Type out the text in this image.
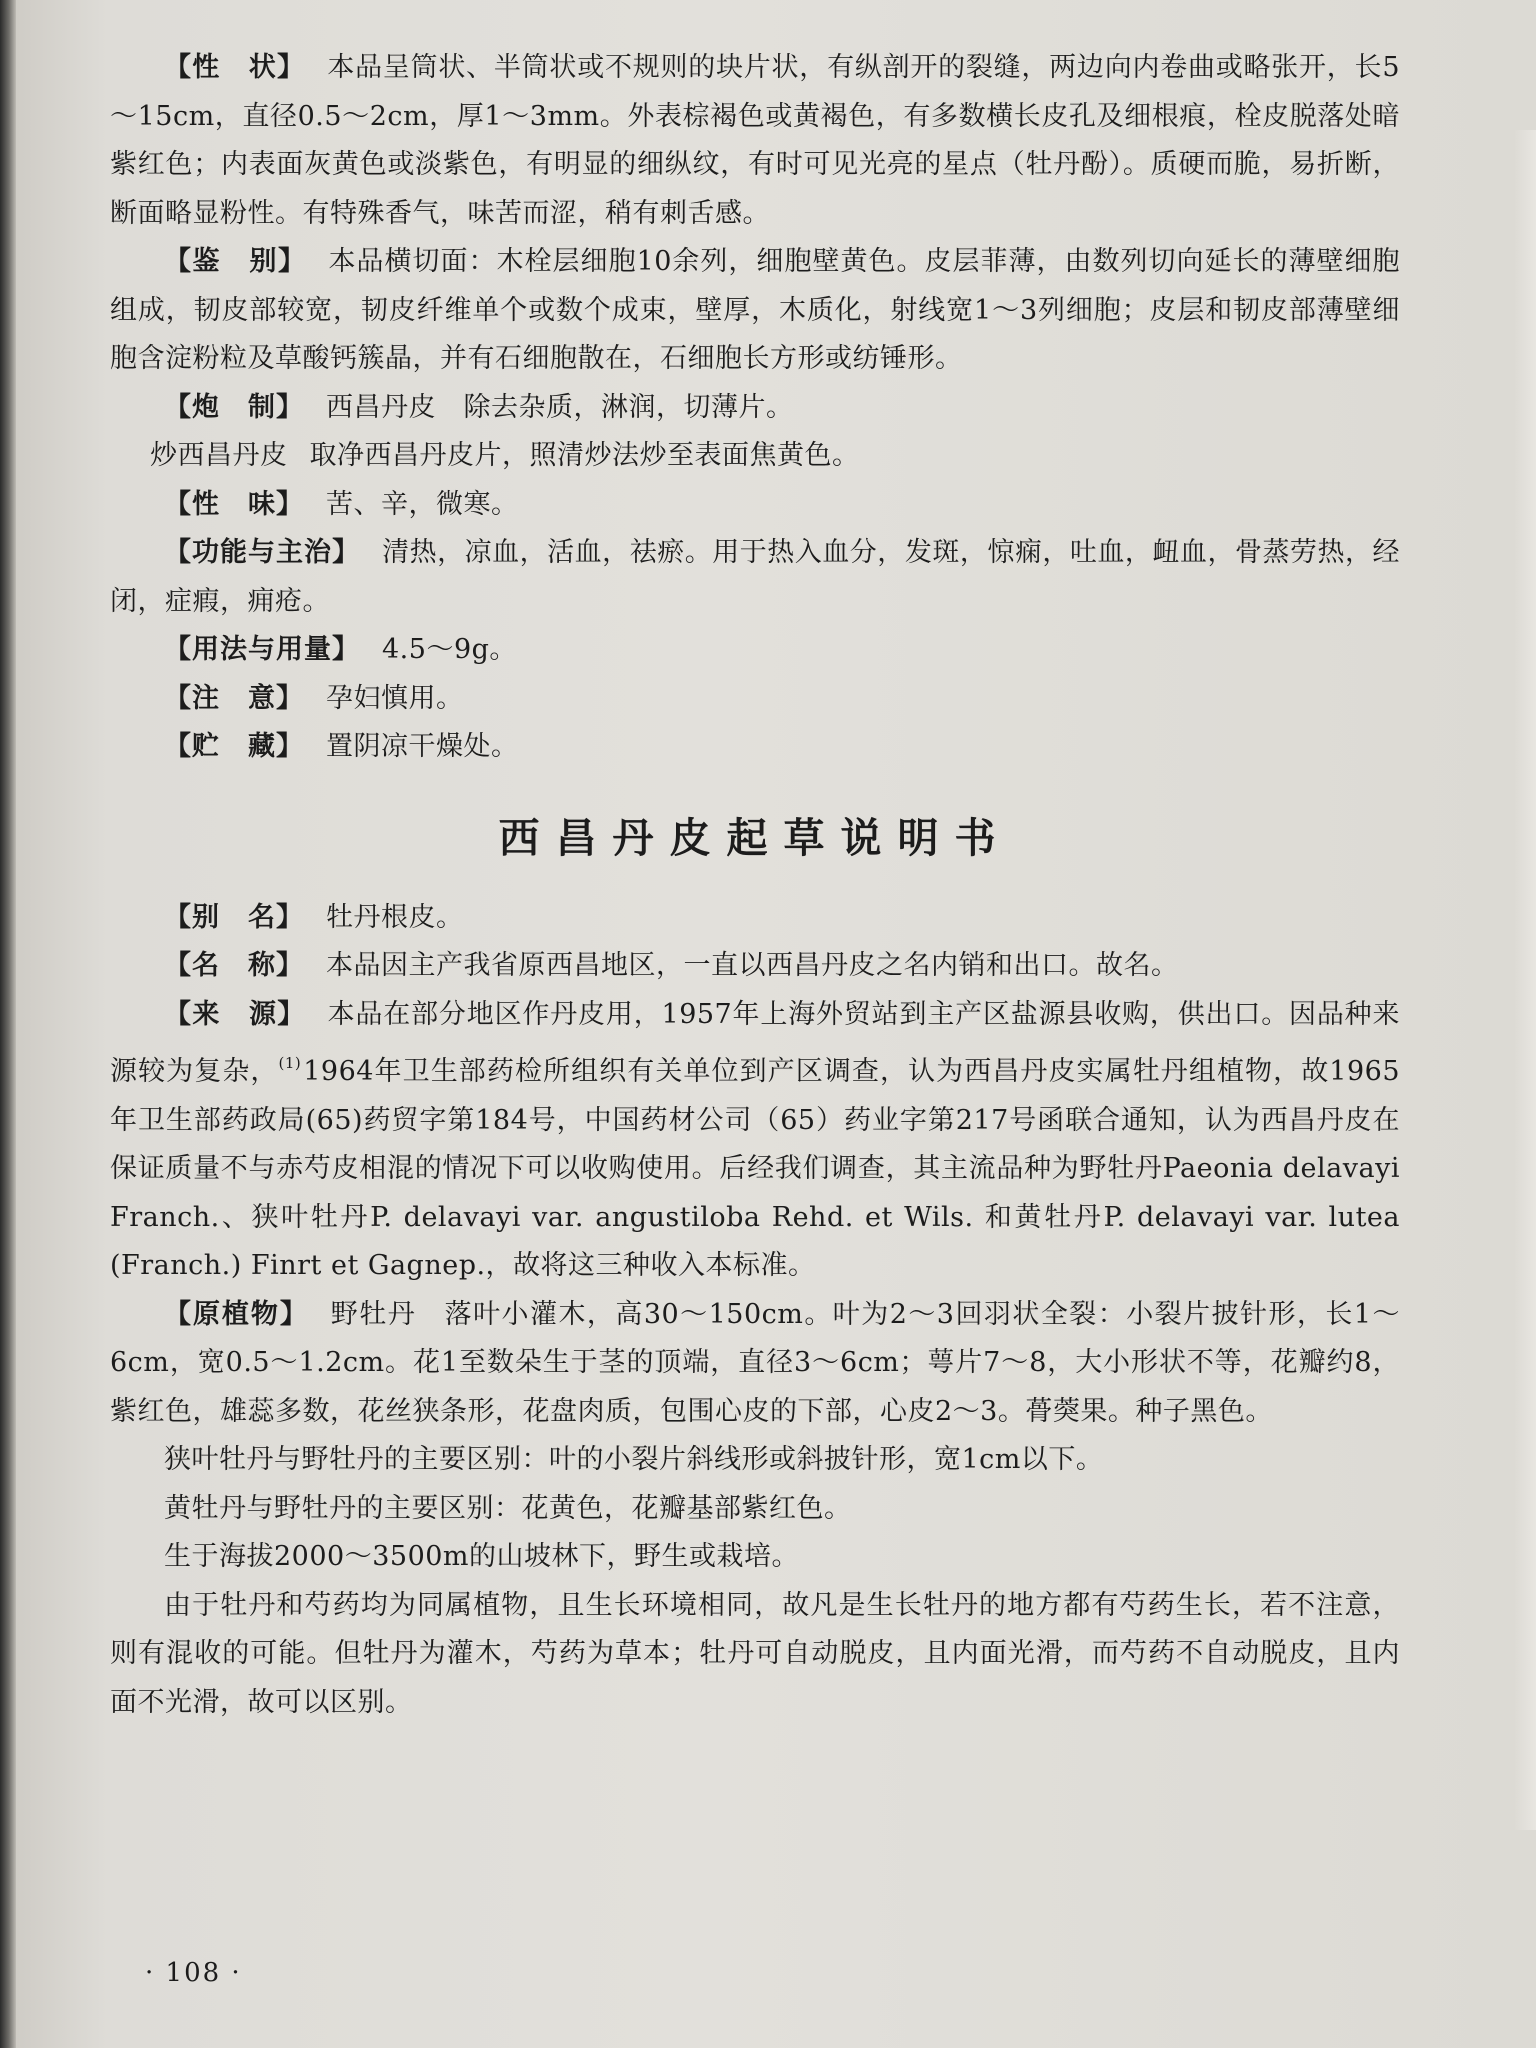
【性　状】 本品呈筒状、半筒状或不规则的块片状，有纵剖开的裂缝，两边向内卷曲或略张开，长5～15cm，直径0.5～2cm，厚1～3mm。外表棕褐色或黄褐色，有多数横长皮孔及细根痕，栓皮脱落处暗紫红色；内表面灰黄色或淡紫色，有明显的细纵纹，有时可见光亮的星点（牡丹酚）。质硬而脆，易折断，断面略显粉性。有特殊香气，味苦而涩，稍有刺舌感。

【鉴　别】 本品横切面：木栓层细胞10余列，细胞壁黄色。皮层菲薄，由数列切向延长的薄壁细胞组成，韧皮部较宽，韧皮纤维单个或数个成束，壁厚，木质化，射线宽1～3列细胞；皮层和韧皮部薄壁细胞含淀粉粒及草酸钙簇晶，并有石细胞散在，石细胞长方形或纺锤形。

【炮　制】 西昌丹皮　除去杂质，淋润，切薄片。

炒西昌丹皮 取净西昌丹皮片，照清炒法炒至表面焦黄色。

【性　味】 苦、辛，微寒。

【功能与主治】 清热，凉血，活血，祛瘀。用于热入血分，发斑，惊痫，吐血，衄血，骨蒸劳热，经闭，症瘕，痈疮。

【用法与用量】 4.5～9g。

【注　意】 孕妇慎用。

【贮　藏】 置阴凉干燥处。

西昌丹皮起草说明书

【别　名】 牡丹根皮。

【名　称】 本品因主产我省原西昌地区，一直以西昌丹皮之名内销和出口。故名。

【来　源】 本品在部分地区作丹皮用，1957年上海外贸站到主产区盐源县收购，供出口。因品种来源较为复杂，$^{(1)}$1964年卫生部药检所组织有关单位到产区调查，认为西昌丹皮实属牡丹组植物，故1965年卫生部药政局(65)药贸字第184号，中国药材公司（65）药业字第217号函联合通知，认为西昌丹皮在保证质量不与赤芍皮相混的情况下可以收购使用。后经我们调查，其主流品种为野牡丹Paeonia delavayi Franch.、狭叶牡丹P. delavayi var. angustiloba Rehd. et Wils. 和黄牡丹P. delavayi var. lutea (Franch.) Finrt et Gagnep.，故将这三种收入本标准。

【原植物】 野牡丹　落叶小灌木，高30～150cm。叶为2～3回羽状全裂：小裂片披针形，长1～6cm，宽0.5～1.2cm。花1至数朵生于茎的顶端，直径3～6cm；萼片7～8，大小形状不等，花瓣约8，紫红色，雄蕊多数，花丝狭条形，花盘肉质，包围心皮的下部，心皮2～3。蓇葖果。种子黑色。

狭叶牡丹与野牡丹的主要区别：叶的小裂片斜线形或斜披针形，宽1cm以下。

黄牡丹与野牡丹的主要区别：花黄色，花瓣基部紫红色。

生于海拔2000～3500m的山坡林下，野生或栽培。

由于牡丹和芍药均为同属植物，且生长环境相同，故凡是生长牡丹的地方都有芍药生长，若不注意，则有混收的可能。但牡丹为灌木，芍药为草本；牡丹可自动脱皮，且内面光滑，而芍药不自动脱皮，且内面不光滑，故可以区别。

· 108 ·
